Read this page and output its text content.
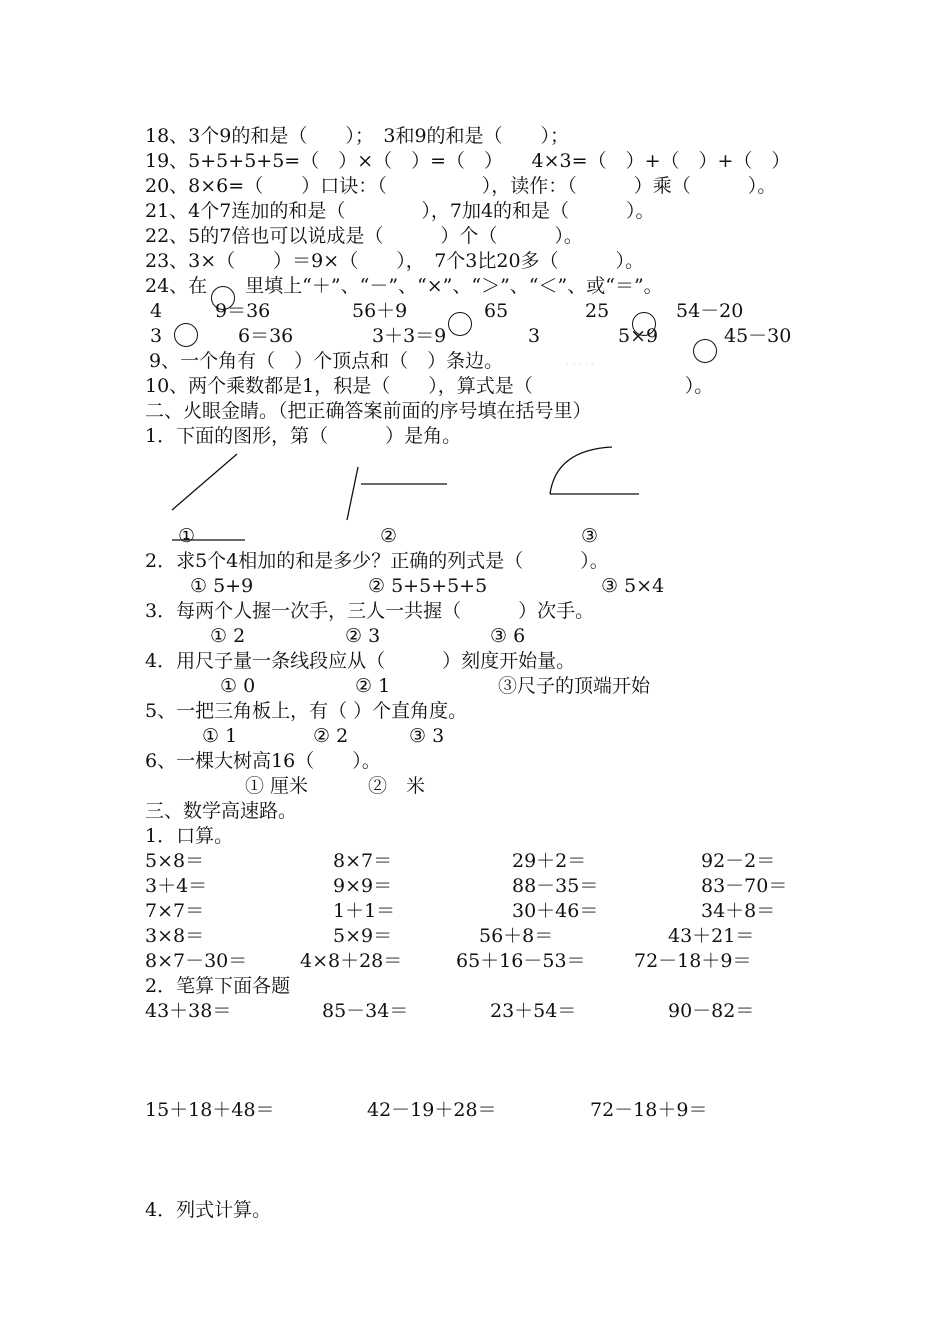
18、3个9的和是（　　）；　3和9的和是（　　）；
19、5+5+5+5=（　）×（　）=（　）　　4×3=（　）+（　）+（　）
20、8×6=（　　）口诀：（　　　　　），读作：（　　　）乘（　　　）。
21、4个7连加的和是（　　　　），7加4的和是（　　　）。
22、5的7倍也可以说成是（　　　）个（　　　）。
23、3×（　　）＝9×（　　），　7个3比20多（　　　）。
24、在　　里填上“＋”、“－”、“×”、“＞”、“＜”、或“＝”。
4	9＝36	56＋9	65	25	54－20
3	6＝36	3＋3＝9	3	5×9	45－30
9、一个角有（　）个顶点和（　）条边。	· · · · ·
10、两个乘数都是1，积是（　　），算式是（　　　　　　　　）。
二、火眼金睛。（把正确答案前面的序号填在括号里）
1．下面的图形，第（　　　）是角。
①	②	③
2．求5个4相加的和是多少？正确的列式是（　　　）。
① 5+9	② 5+5+5+5	③ 5×4
3．每两个人握一次手，三人一共握（　　　）次手。
① 2	② 3	③ 6
4．用尺子量一条线段应从（　　　）刻度开始量。
① 0	② 1	③尺子的顶端开始
5、一把三角板上，有（ ）个直角度。
① 1	② 2	③ 3
6、一棵大树高16（　　）。
① 厘米	②　米
三、数学高速路。
1．口算。
5×8＝	8×7＝	29＋2＝	92－2＝
3＋4＝	9×9＝	88－35＝	83－70＝
7×7＝	1＋1＝	30＋46＝	34＋8＝
3×8＝	5×9＝	56＋8＝	43＋21＝
8×7－30＝	4×8＋28＝	65＋16－53＝	72－18＋9＝
2．笔算下面各题
43＋38＝	85－34＝	23＋54＝	90－82＝
15＋18＋48＝	42－19＋28＝	72－18＋9＝
4．列式计算。
